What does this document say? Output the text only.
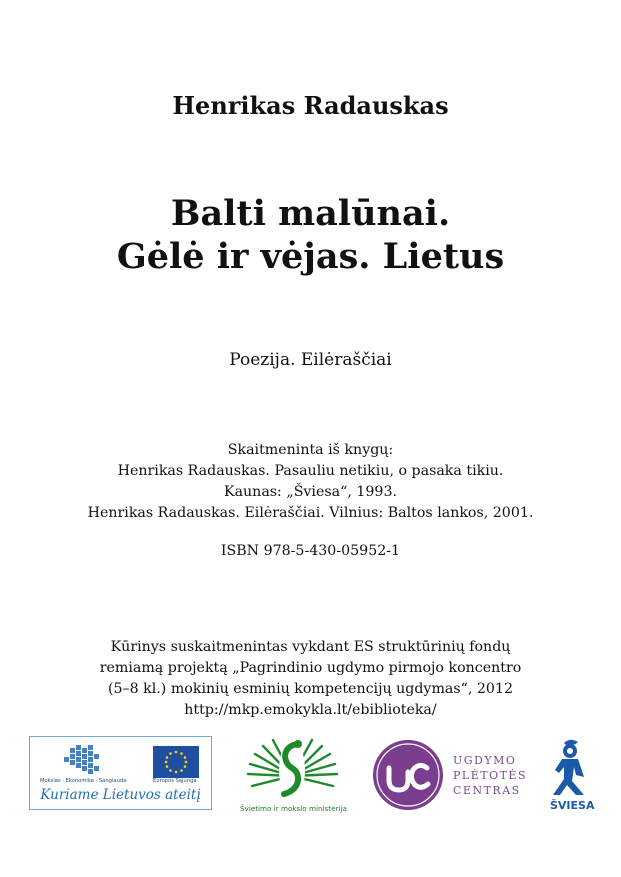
Henrikas Radauskas
Balti malūnai.
Gėlė ir vėjas. Lietus
Poezija. Eilėraščiai
Skaitmeninta iš knygų:
Henrikas Radauskas. Pasauliu netikiu, o pasaka tikiu.
Kaunas: „Šviesa“, 1993.
Henrikas Radauskas. Eilėraščiai. Vilnius: Baltos lankos, 2001.
ISBN 978-5-430-05952-1
Kūrinys suskaitmenintas vykdant ES struktūrinių fondų
remiamą projektą „Pagrindinio ugdymo pirmojo koncentro
(5–8 kl.) mokinių esminių kompetencijų ugdymas“, 2012
http://mkp.emokykla.lt/ebiblioteka/
Mokslas · Ekonomika · Sanglauda	Europos Sąjunga
Kuriame Lietuvos ateitį
Švietimo ir mokslo ministerija
UGDYMO
PLĖTOTĖS
CENTRAS
ŠVIESA
